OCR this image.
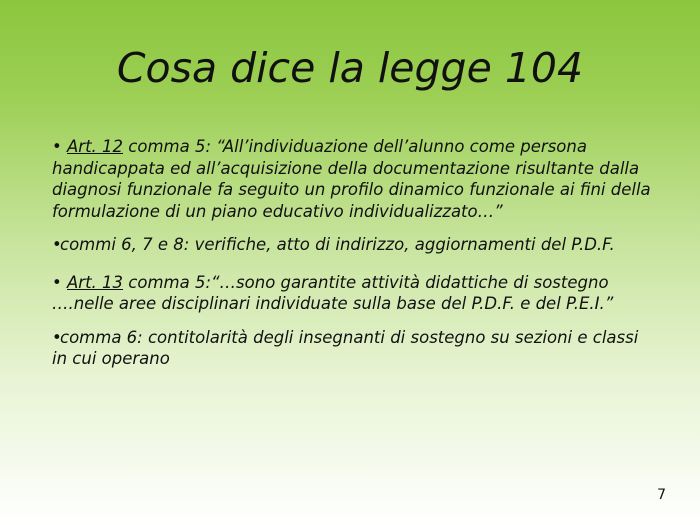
Cosa dice la legge 104

• Art. 12 comma 5: “All’individuazione dell’alunno come persona handicappata ed all’acquisizione della documentazione risultante dalla diagnosi funzionale fa seguito un profilo dinamico funzionale ai fini della formulazione di un piano educativo individualizzato…”

•commi 6, 7 e 8: verifiche, atto di indirizzo, aggiornamenti del P.D.F.

• Art. 13 comma 5:“…sono garantite attività didattiche di sostegno ….nelle aree disciplinari individuate sulla base del P.D.F. e del P.E.I.”

•comma 6: contitolarità degli insegnanti di sostegno su sezioni e classi in cui operano

7
